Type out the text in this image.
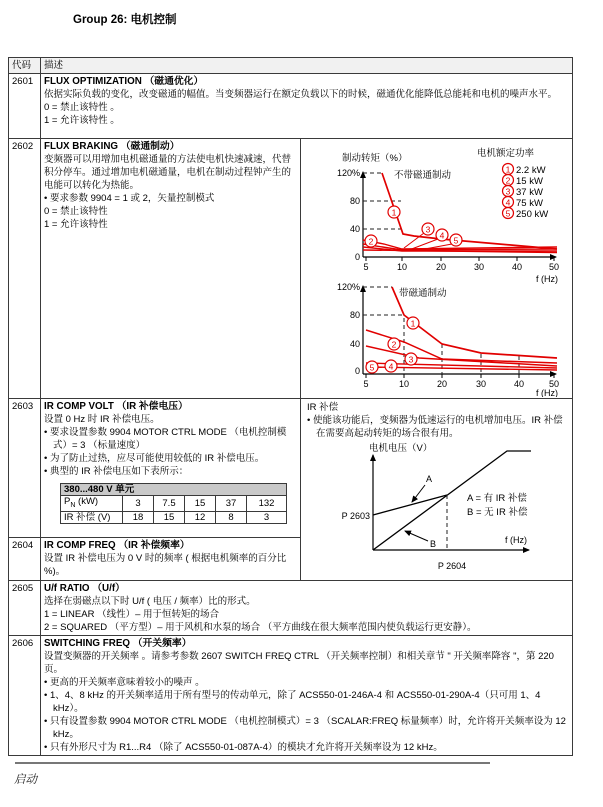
Group 26: 电机控制
代码	描述
2601	FLUX OPTIMIZATION （磁通优化）
依据实际负载的变化，改变磁通的幅值。当变频器运行在额定负载以下的时候，磁通优化能降低总能耗和电机的噪声水平。
0 = 禁止该特性 。
1 = 允许该特性 。

2602	FLUX BRAKING （磁通制动）
变频器可以用增加电机磁通量的方法使电机快速减速，代替积分停车。通过增加电机磁通量，电机在制动过程钟产生的电能可以转化为热能。
• 要求参数 9904 = 1 或 2，矢量控制模式
0 = 禁止该特性
1 = 允许该特性

制动转矩（%）
不带磁通制动
120%
80
40
0
5	10	20	30	40	50
f (Hz)
1
2
3
4 5
电机额定功率
1 2.2 kW
2 15 kW
3 37 kW
4 75 kW
5 250 kW
带磁通制动
120%
80
40
0
5	10	20	30	40	50
f (Hz)
1
2
3
4
5

2603	IR COMP VOLT （IR 补偿电压）
设置 0 Hz 时 IR 补偿电压。
• 要求设置参数 9904 MOTOR CTRL MODE （电机控制模式）= 3 （标量速度）
• 为了防止过热，应尽可能使用较低的 IR 补偿电压。
• 典型的 IR 补偿电压如下表所示：
380...480 V 单元
$P_N$ (kW)	3	7.5	15	37	132
IR 补偿 (V)	18	15	12	8	3

IR 补偿
• 使能该功能后，变频器为低速运行的电机增加电压。IR 补偿在需要高起动转矩的场合很有用。
电机电压（V）
A
B
A = 有 IR 补偿
B = 无 IR 补偿
P 2603
P 2604
f (Hz)

2604	IR COMP FREQ （IR 补偿频率）
设置 IR 补偿电压为 0 V 时的频率 ( 根据电机频率的百分比 %)。

2605	U/f RATIO （U/f）
选择在弱磁点以下时 U/f ( 电压 / 频率）比的形式。
1 = LINEAR （线性）– 用于恒转矩的场合
2 = SQUARED （平方型）– 用于风机和水泵的场合 （平方曲线在很大频率范围内使负载运行更安静）。

2606	SWITCHING FREQ （开关频率）
设置变频器的开关频率 。请参考参数 2607 SWITCH FREQ CTRL （开关频率控制）和相关章节 " 开关频率降容 "，第 220 页。
• 更高的开关频率意味着较小的噪声 。
• 1、4、8 kHz 的开关频率适用于所有型号的传动单元，除了 ACS550-01-246A-4 和 ACS550-01-290A-4（只可用 1、4 kHz）。
• 只有设置参数 9904 MOTOR CTRL MODE （电机控制模式）= 3 （SCALAR:FREQ 标量频率）时，允许将开关频率设为 12 kHz。
• 只有外形尺寸为 R1...R4 （除了 ACS550-01-087A-4）的模块才允许将开关频率设为 12 kHz。
启动
